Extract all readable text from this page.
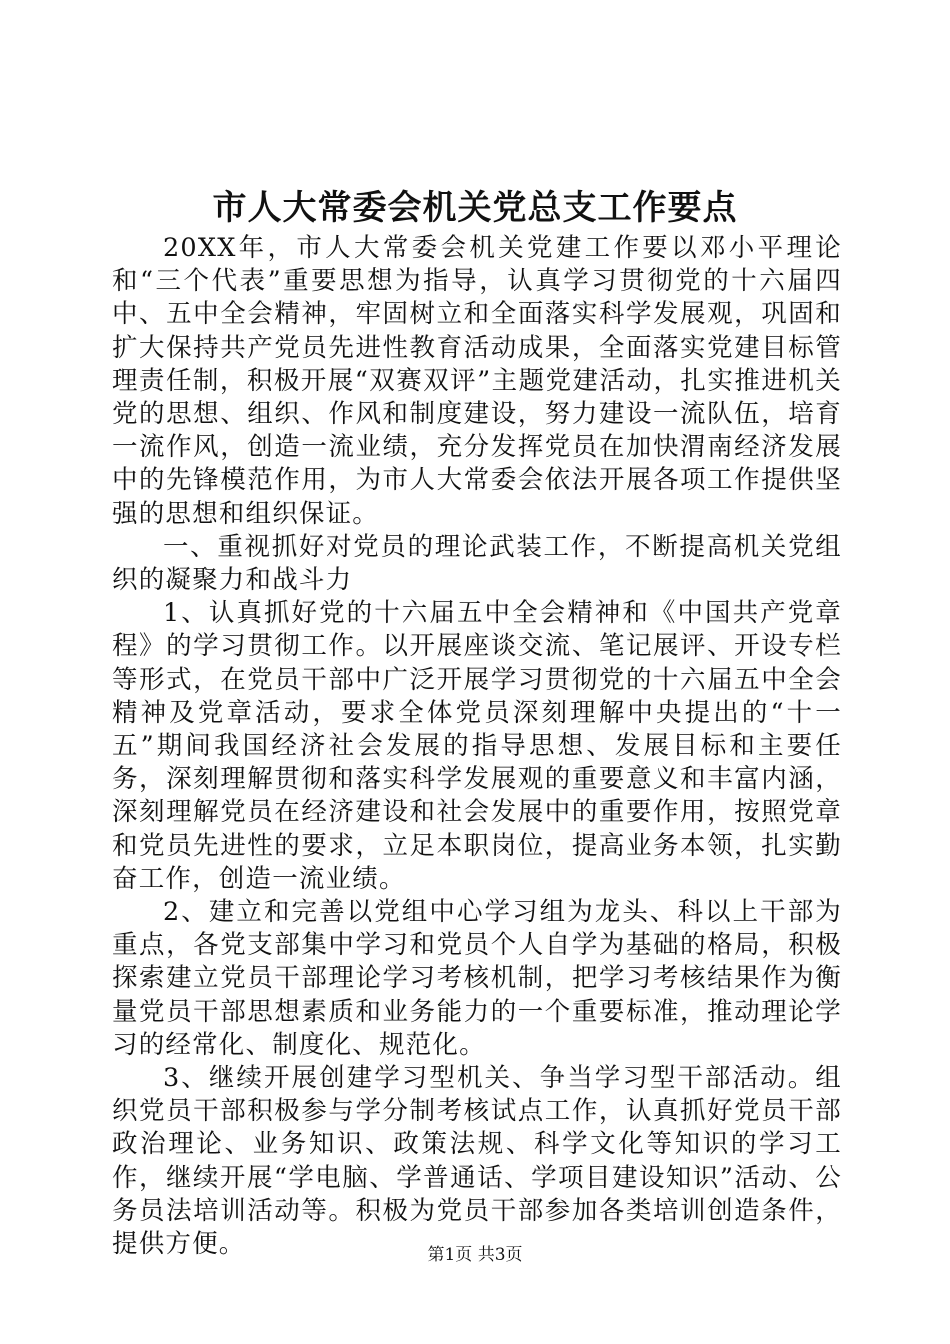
市人大常委会机关党总支工作要点

20XX年，市人大常委会机关党建工作要以邓小平理论和“三个代表”重要思想为指导，认真学习贯彻党的十六届四中、五中全会精神，牢固树立和全面落实科学发展观，巩固和扩大保持共产党员先进性教育活动成果，全面落实党建目标管理责任制，积极开展“双赛双评”主题党建活动，扎实推进机关党的思想、组织、作风和制度建设，努力建设一流队伍，培育一流作风，创造一流业绩，充分发挥党员在加快渭南经济发展中的先锋模范作用，为市人大常委会依法开展各项工作提供坚强的思想和组织保证。

一、重视抓好对党员的理论武装工作，不断提高机关党组织的凝聚力和战斗力

1、认真抓好党的十六届五中全会精神和《中国共产党章程》的学习贯彻工作。以开展座谈交流、笔记展评、开设专栏等形式，在党员干部中广泛开展学习贯彻党的十六届五中全会精神及党章活动，要求全体党员深刻理解中央提出的“十一五”期间我国经济社会发展的指导思想、发展目标和主要任务，深刻理解贯彻和落实科学发展观的重要意义和丰富内涵，深刻理解党员在经济建设和社会发展中的重要作用，按照党章和党员先进性的要求，立足本职岗位，提高业务本领，扎实勤奋工作，创造一流业绩。

2、建立和完善以党组中心学习组为龙头、科以上干部为重点，各党支部集中学习和党员个人自学为基础的格局，积极探索建立党员干部理论学习考核机制，把学习考核结果作为衡量党员干部思想素质和业务能力的一个重要标准，推动理论学习的经常化、制度化、规范化。

3、继续开展创建学习型机关、争当学习型干部活动。组织党员干部积极参与学分制考核试点工作，认真抓好党员干部政治理论、业务知识、政策法规、科学文化等知识的学习工作，继续开展“学电脑、学普通话、学项目建设知识”活动、公务员法培训活动等。积极为党员干部参加各类培训创造条件，提供方便。	第1页 共3页
